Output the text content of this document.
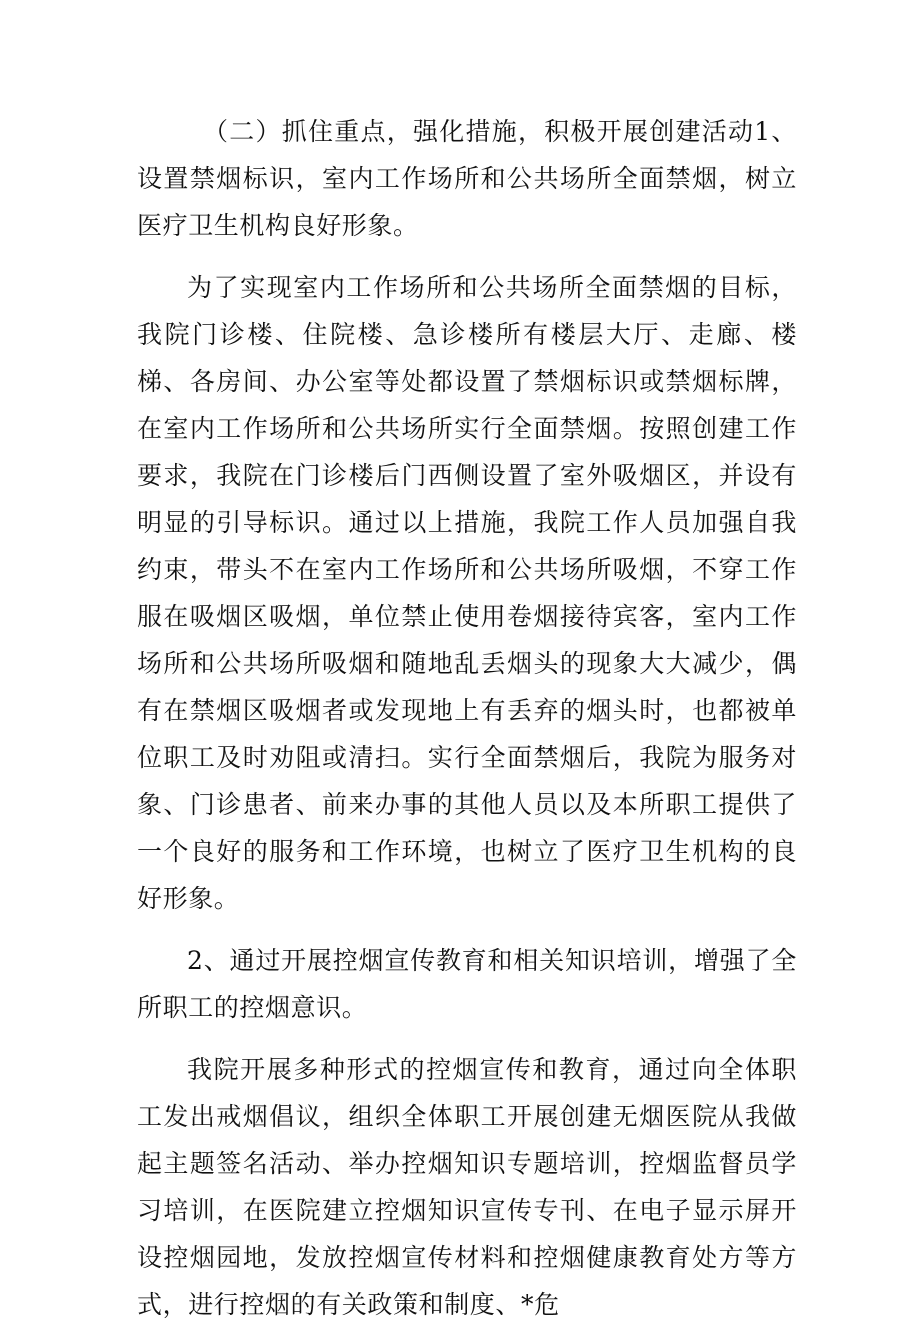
（二）抓住重点，强化措施，积极开展创建活动1、设置禁烟标识，室内工作场所和公共场所全面禁烟，树立医疗卫生机构良好形象。

为了实现室内工作场所和公共场所全面禁烟的目标，我院门诊楼、住院楼、急诊楼所有楼层大厅、走廊、楼梯、各房间、办公室等处都设置了禁烟标识或禁烟标牌，在室内工作场所和公共场所实行全面禁烟。按照创建工作要求，我院在门诊楼后门西侧设置了室外吸烟区，并设有明显的引导标识。通过以上措施，我院工作人员加强自我约束，带头不在室内工作场所和公共场所吸烟，不穿工作服在吸烟区吸烟，单位禁止使用卷烟接待宾客，室内工作场所和公共场所吸烟和随地乱丢烟头的现象大大减少，偶有在禁烟区吸烟者或发现地上有丢弃的烟头时，也都被单位职工及时劝阻或清扫。实行全面禁烟后，我院为服务对象、门诊患者、前来办事的其他人员以及本所职工提供了一个良好的服务和工作环境，也树立了医疗卫生机构的良好形象。

2、通过开展控烟宣传教育和相关知识培训，增强了全所职工的控烟意识。

我院开展多种形式的控烟宣传和教育，通过向全体职工发出戒烟倡议，组织全体职工开展创建无烟医院从我做起主题签名活动、举办控烟知识专题培训，控烟监督员学习培训，在医院建立控烟知识宣传专刊、在电子显示屏开设控烟园地，发放控烟宣传材料和控烟健康教育处方等方式，进行控烟的有关政策和制度、*危
